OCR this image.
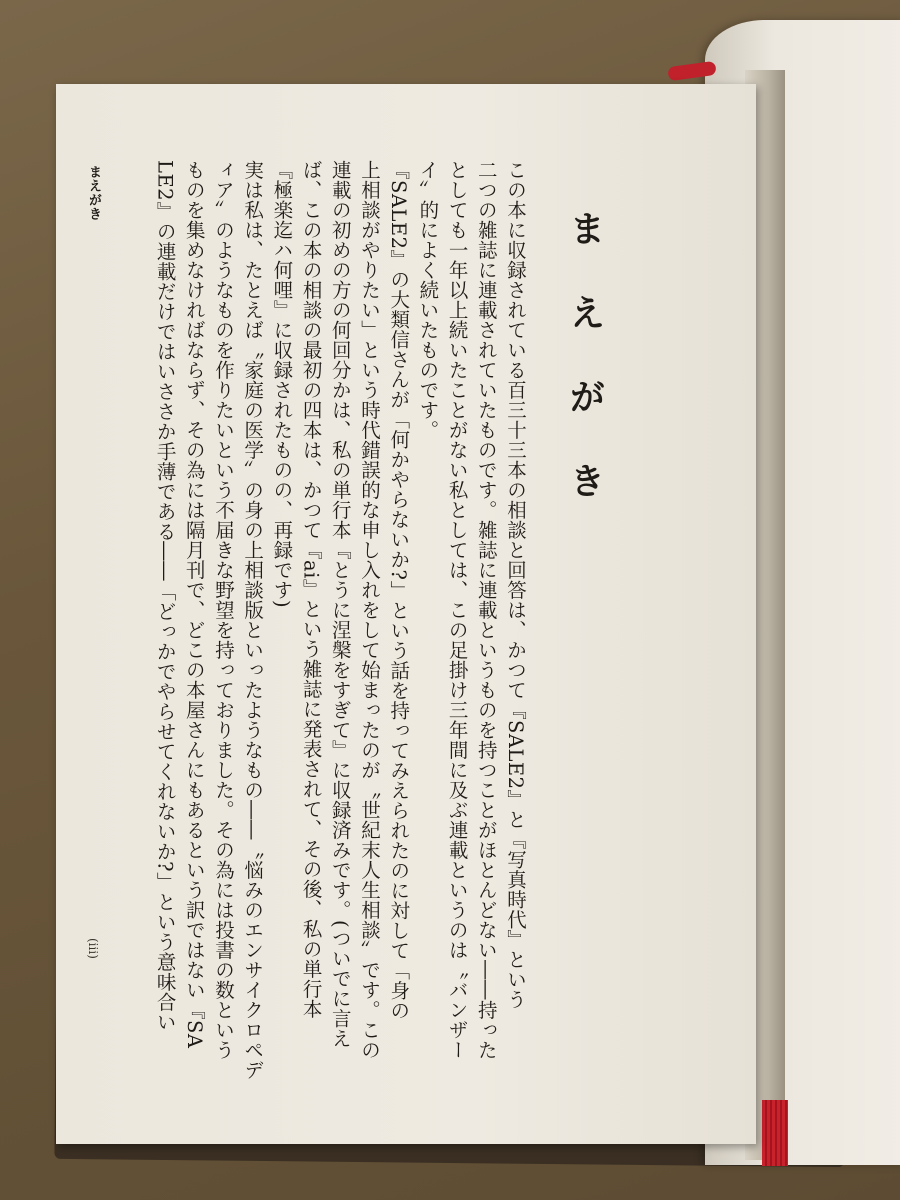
まえがき
この本に収録されている百三十三本の相談と回答は、かつて『SALE2』と『写真時代』という
二つの雑誌に連載されていたものです。雑誌に連載というものを持つことがほとんどない――持った
としても一年以上続いたことがない私としては、この足掛け三年間に及ぶ連載というのは〝バンザー
イ〟的によく続いたものです。
『SALE2』の大類信さんが「何かやらないか?」という話を持ってみえられたのに対して「身の
上相談がやりたい」という時代錯誤的な申し入れをして始まったのが〝世紀末人生相談〟です。この
連載の初めの方の何回分かは、私の単行本『とうに涅槃をすぎて』に収録済みです。(ついでに言え
ば、この本の相談の最初の四本は、かつて『ai』という雑誌に発表されて、その後、私の単行本
『極楽迄ハ何哩』に収録されたものの、再録です)
実は私は、たとえば〝家庭の医学〟の身の上相談版といったようなもの――〝悩みのエンサイクロペデ
ィア〟のようなものを作りたいという不届きな野望を持っておりました。その為には投書の数という
ものを集めなければならず、その為には隔月刊で、どこの本屋さんにもあるという訳ではない『SA
LE2』の連載だけではいささか手薄である――「どっかでやらせてくれないか?」という意味合い
まえがき
(iii)
